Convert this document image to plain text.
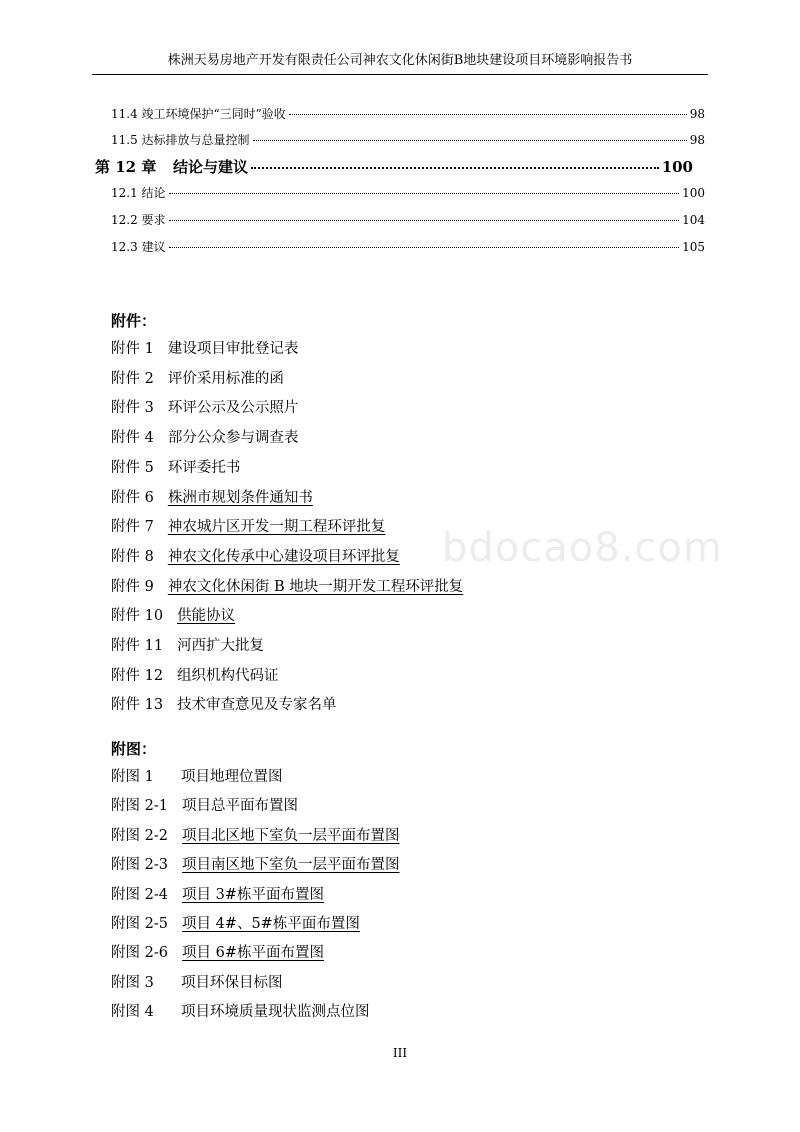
株洲天易房地产开发有限责任公司神农文化休闲街B地块建设项目环境影响报告书
11.4 竣工环境保护“三同时”验收	98
11.5 达标排放与总量控制	98
第 12 章	结论与建议	100
12.1 结论	100
12.2 要求	104
12.3 建议	105
附件：
附件 1 建设项目审批登记表
附件 2 评价采用标准的函
附件 3 环评公示及公示照片
附件 4 部分公众参与调查表
附件 5 环评委托书
附件 6 株洲市规划条件通知书
附件 7 神农城片区开发一期工程环评批复
附件 8 神农文化传承中心建设项目环评批复
附件 9 神农文化休闲街 B 地块一期开发工程环评批复
附件 10 供能协议
附件 11 河西扩大批复
附件 12 组织机构代码证
附件 13 技术审查意见及专家名单
附图：
附图 1 项目地理位置图
附图 2-1 项目总平面布置图
附图 2-2 项目北区地下室负一层平面布置图
附图 2-3 项目南区地下室负一层平面布置图
附图 2-4 项目 3#栋平面布置图
附图 2-5 项目 4#、5#栋平面布置图
附图 2-6 项目 6#栋平面布置图
附图 3 项目环保目标图
附图 4 项目环境质量现状监测点位图
bdocao8.com
III
